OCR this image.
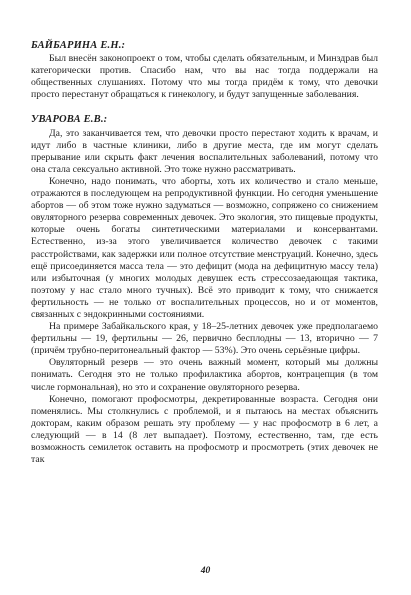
БАЙБАРИНА Е.Н.:

Был внесён законопроект о том, чтобы сделать обязательным, и Минздрав был категорически против. Спасибо нам, что вы нас тогда поддержали на общественных слушаниях. Потому что мы тогда придём к тому, что девочки просто перестанут обращаться к гинекологу, и будут запущенные заболевания.

УВАРОВА Е.В.:

Да, это заканчивается тем, что девочки просто перестают ходить к врачам, и идут либо в частные клиники, либо в другие места, где им могут сделать прерывание или скрыть факт лечения воспалительных заболеваний, потому что она стала сексуально активной. Это тоже нужно рассматривать.

Конечно, надо понимать, что аборты, хоть их количество и стало меньше, отражаются в последующем на репродуктивной функции. Но сегодня уменьшение абортов — об этом тоже нужно задуматься — возможно, сопряжено со снижением овуляторного резерва современных девочек. Это экология, это пищевые продукты, которые очень богаты синтетическими материалами и консервантами. Естественно, из-за этого увеличивается количество девочек с такими расстройствами, как задержки или полное отсутствие менструаций. Конечно, здесь ещё присоединяется масса тела — это дефицит (мода на дефицитную массу тела) или избыточная (у многих молодых девушек есть стрессозаедающая тактика, поэтому у нас стало много тучных). Всё это приводит к тому, что снижается фертильность — не только от воспалительных процессов, но и от моментов, связанных с эндокринными состояниями.

На примере Забайкальского края, у 18–25-летних девочек уже предполагаемо фертильны — 19, фертильны — 26, первично бесплодны — 13, вторично — 7 (причём трубно-перитонеальный фактор — 53%). Это очень серьёзные цифры.

Овуляторный резерв — это очень важный момент, который мы должны понимать. Сегодня это не только профилактика абортов, контрацепция (в том числе гормональная), но это и сохранение овуляторного резерва.

Конечно, помогают профосмотры, декретированные возраста. Сегодня они поменялись. Мы столкнулись с проблемой, и я пытаюсь на местах объяснить докторам, каким образом решать эту проблему — у нас профосмотр в 6 лет, а следующий — в 14 (8 лет выпадает). Поэтому, естественно, там, где есть возможность семилеток оставить на профосмотр и просмотреть (этих девочек не так

40
